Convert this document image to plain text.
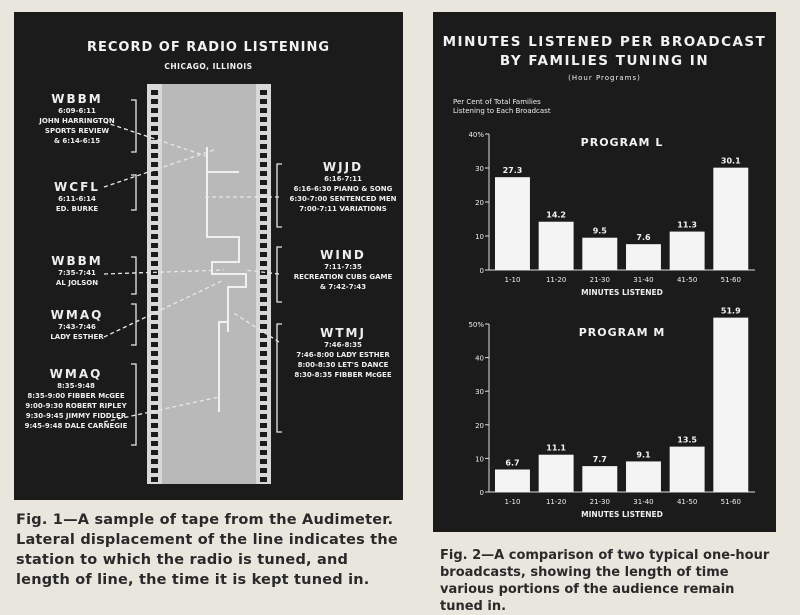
RECORD OF RADIO LISTENING
CHICAGO, ILLINOIS
WBBM
6:09-6:11
JOHN HARRINGTON
SPORTS REVIEW
& 6:14-6:15
WCFL
6:11-6:14
ED. BURKE
WBBM
7:35-7:41
AL JOLSON
WMAQ
7:43-7:46
LADY ESTHER
WMAQ
8:35-9:48
8:35-9:00 FIBBER McGEE
9:00-9:30 ROBERT RIPLEY
9:30-9:45 JIMMY FIDDLER
9:45-9:48 DALE CARNEGIE
WJJD
6:16-7:11
6:16-6:30 PIANO & SONG
6:30-7:00 SENTENCED MEN
7:00-7:11 VARIATIONS
WIND
7:11-7:35
RECREATION CUBS GAME
& 7:42-7:43
WTMJ
7:46-8:35
7:46-8:00 LADY ESTHER
8:00-8:30 LET'S DANCE
8:30-8:35 FIBBER McGEE
Fig. 1—A sample of tape from the Audimeter. Lateral displacement of the line indicates the station to which the radio is tuned, and length of line, the time it is kept tuned in.
MINUTES LISTENED PER BROADCAST
BY FAMILIES TUNING IN
(Hour Programs)
Per Cent of Total Families
Listening to Each Broadcast
0
10
20
30
40%
PROGRAM L
27.3
1-10
14.2
11-20
9.5
21-30
7.6
31-40
11.3
41-50
30.1
51-60
MINUTES LISTENED
0
10
20
30
40
50%
PROGRAM M
6.7
1-10
11.1
11-20
7.7
21-30
9.1
31-40
13.5
41-50
51.9
51-60
MINUTES LISTENED
Fig. 2—A comparison of two typical one-hour broadcasts, showing the length of time various portions of the audience remain tuned in.
